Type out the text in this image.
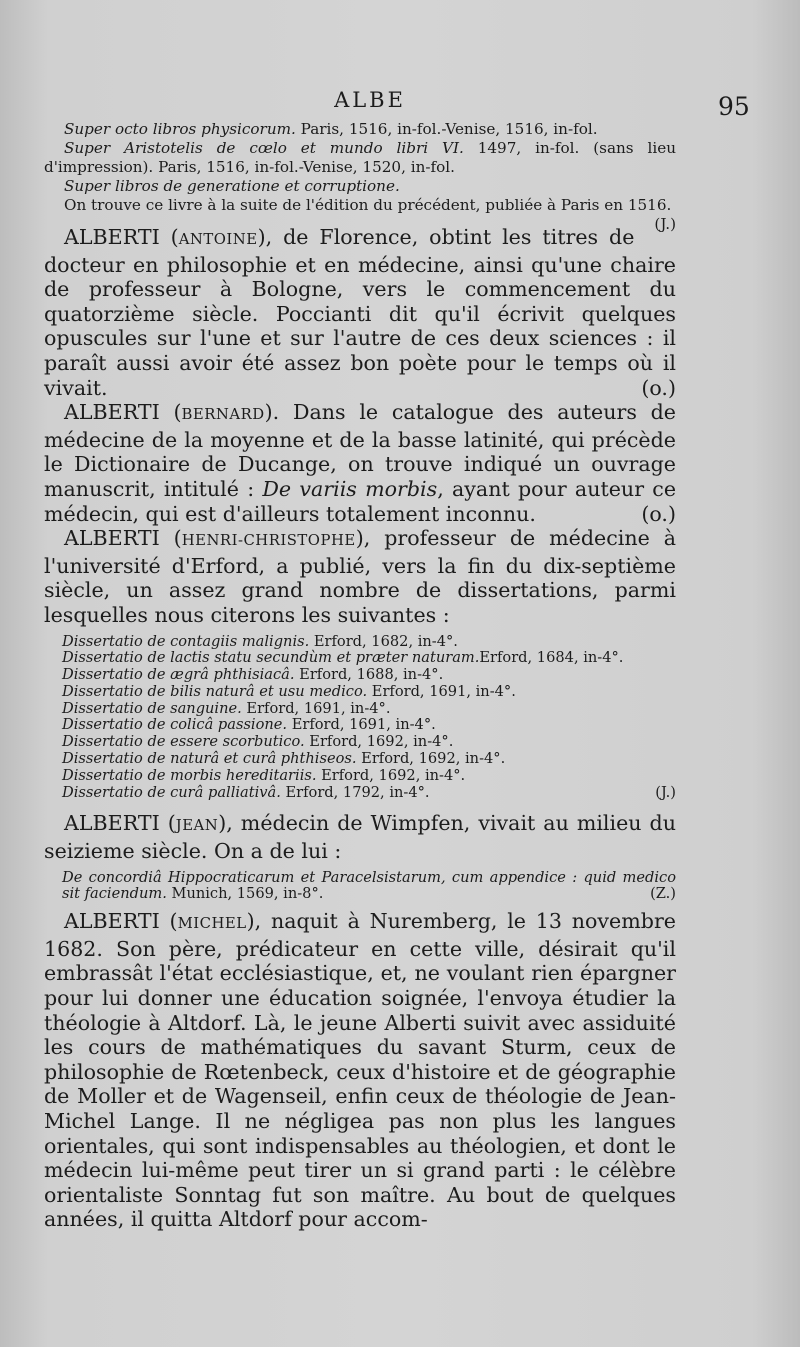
ALBE	95

Super octo libros physicorum. Paris, 1516, in-fol.-Venise, 1516, in-fol.

Super Aristotelis de cœlo et mundo libri VI. 1497, in-fol. (sans lieu d'impression). Paris, 1516, in-fol.-Venise, 1520, in-fol.

Super libros de generatione et corruptione.

On trouve ce livre à la suite de l'édition du précédent, publiée à Paris en 1516.
(J.)

ALBERTI (ANTOINE), de Florence, obtint les titres de docteur en philosophie et en médecine, ainsi qu'une chaire de professeur à Bologne, vers le commencement du quatorzième siècle. Poccianti dit qu'il écrivit quelques opuscules sur l'une et sur l'autre de ces deux sciences : il paraît aussi avoir été assez bon poète pour le temps où il vivait.	(o.)

ALBERTI (BERNARD). Dans le catalogue des auteurs de médecine de la moyenne et de la basse latinité, qui précède le Dictionaire de Ducange, on trouve indiqué un ouvrage manuscrit, intitulé : De variis morbis, ayant pour auteur ce médecin, qui est d'ailleurs totalement inconnu.	(o.)

ALBERTI (HENRI-CHRISTOPHE), professeur de médecine à l'université d'Erford, a publié, vers la fin du dix-septième siècle, un assez grand nombre de dissertations, parmi lesquelles nous citerons les suivantes :

Dissertatio de contagiis malignis. Erford, 1682, in-4°.

Dissertatio de lactis statu secundùm et præter naturam.Erford, 1684, in-4°.

Dissertatio de ægrâ phthisiacâ. Erford, 1688, in-4°.

Dissertatio de bilis naturâ et usu medico. Erford, 1691, in-4°.

Dissertatio de sanguine. Erford, 1691, in-4°.

Dissertatio de colicâ passione. Erford, 1691, in-4°.

Dissertatio de essere scorbutico. Erford, 1692, in-4°.

Dissertatio de naturâ et curâ phthiseos. Erford, 1692, in-4°.

Dissertatio de morbis hereditariis. Erford, 1692, in-4°.

Dissertatio de curâ palliativâ. Erford, 1792, in-4°.	(J.)

ALBERTI (JEAN), médecin de Wimpfen, vivait au milieu du seizieme siècle. On a de lui :

De concordiâ Hippocraticarum et Paracelsistarum, cum appendice : quid medico sit faciendum. Munich, 1569, in-8°.	(Z.)

ALBERTI (MICHEL), naquit à Nuremberg, le 13 novembre 1682. Son père, prédicateur en cette ville, désirait qu'il embrassât l'état ecclésiastique, et, ne voulant rien épargner pour lui donner une éducation soignée, l'envoya étudier la théologie à Altdorf. Là, le jeune Alberti suivit avec assiduité les cours de mathématiques du savant Sturm, ceux de philosophie de Rœtenbeck, ceux d'histoire et de géographie de Moller et de Wagenseil, enfin ceux de théologie de Jean-Michel Lange. Il ne négligea pas non plus les langues orientales, qui sont indispensables au théologien, et dont le médecin lui-même peut tirer un si grand parti : le célèbre orientaliste Sonntag fut son maître. Au bout de quelques années, il quitta Altdorf pour accom-
